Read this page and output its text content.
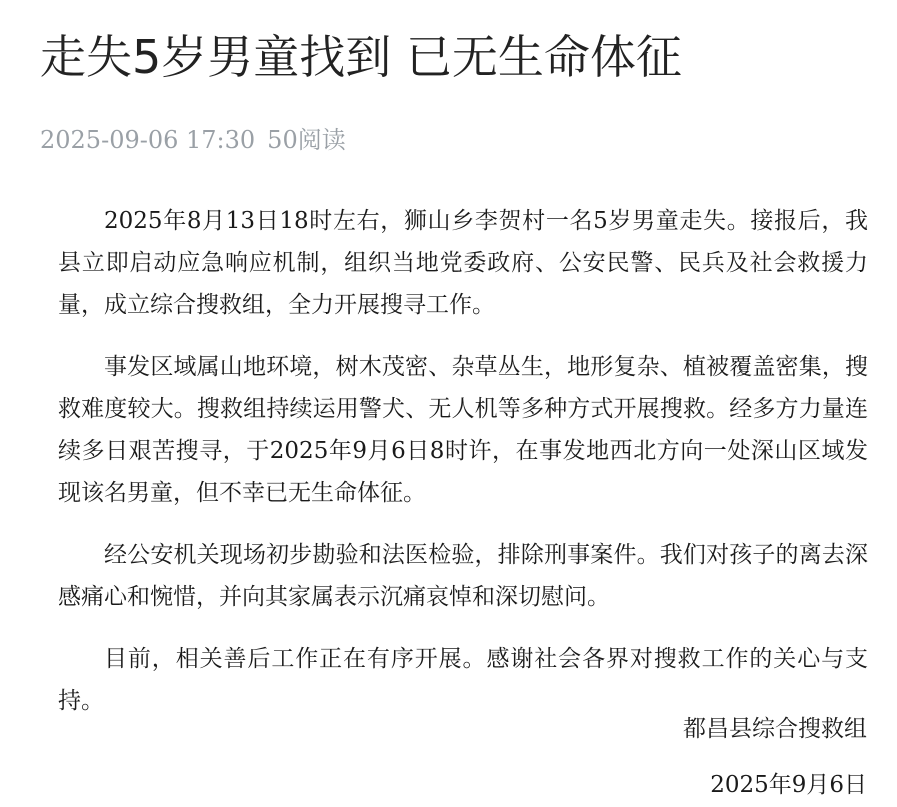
走失5岁男童找到 已无生命体征
2025-09-06 17:30 50阅读

2025年8月13日18时左右，狮山乡李贺村一名5岁男童走失。接报后，我县立即启动应急响应机制，组织当地党委政府、公安民警、民兵及社会救援力量，成立综合搜救组，全力开展搜寻工作。

事发区域属山地环境，树木茂密、杂草丛生，地形复杂、植被覆盖密集，搜救难度较大。搜救组持续运用警犬、无人机等多种方式开展搜救。经多方力量连续多日艰苦搜寻，于2025年9月6日8时许，在事发地西北方向一处深山区域发现该名男童，但不幸已无生命体征。

经公安机关现场初步勘验和法医检验，排除刑事案件。我们对孩子的离去深感痛心和惋惜，并向其家属表示沉痛哀悼和深切慰问。

目前，相关善后工作正在有序开展。感谢社会各界对搜救工作的关心与支持。

都昌县综合搜救组
2025年9月6日
